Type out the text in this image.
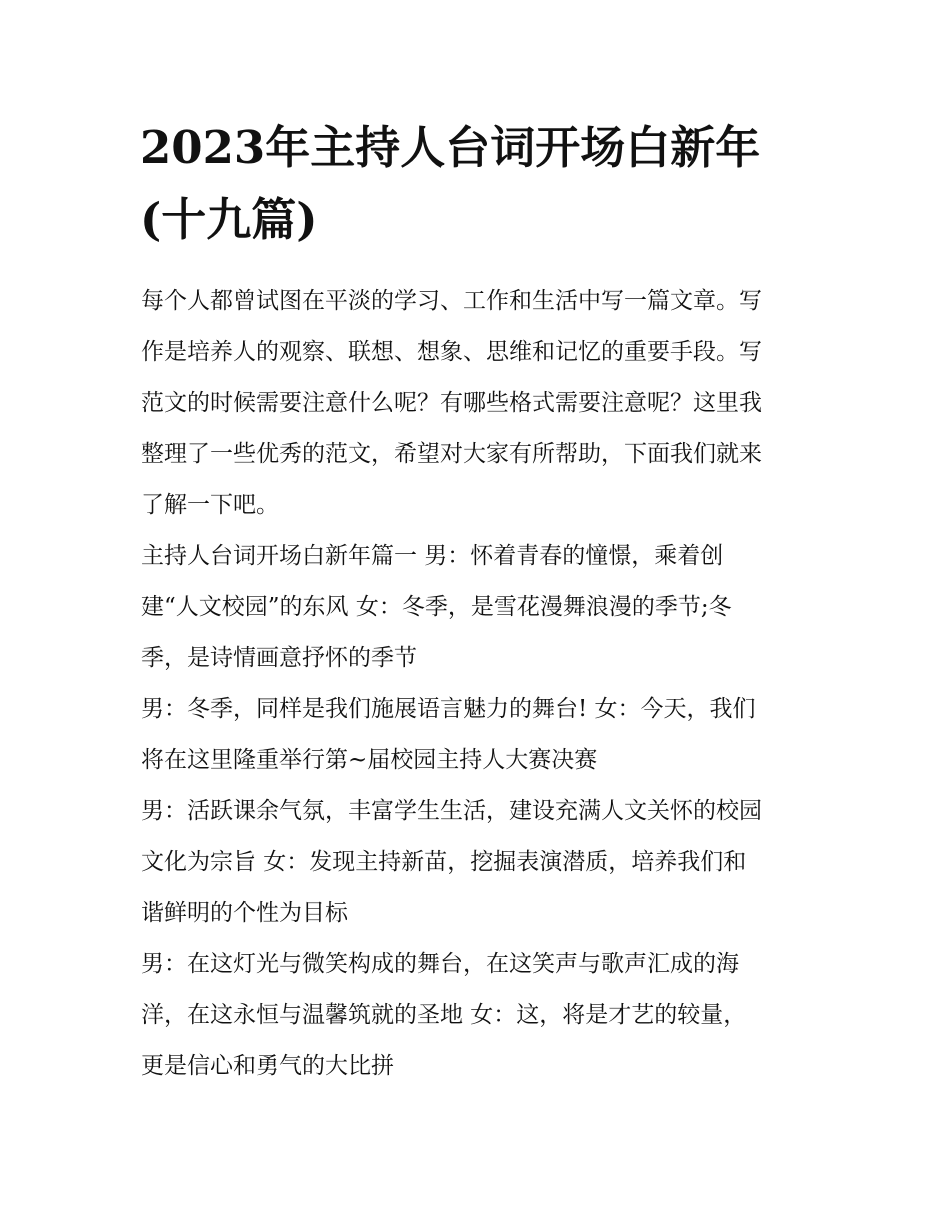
2023年主持人台词开场白新年
(十九篇)
每个人都曾试图在平淡的学习、工作和生活中写一篇文章。写
作是培养人的观察、联想、想象、思维和记忆的重要手段。写
范文的时候需要注意什么呢？有哪些格式需要注意呢？这里我
整理了一些优秀的范文，希望对大家有所帮助，下面我们就来
了解一下吧。
主持人台词开场白新年篇一 男：怀着青春的憧憬，乘着创
建“人文校园”的东风 女：冬季，是雪花漫舞浪漫的季节;冬
季，是诗情画意抒怀的季节
男：冬季，同样是我们施展语言魅力的舞台! 女：今天，我们
将在这里隆重举行第~届校园主持人大赛决赛
男：活跃课余气氛，丰富学生生活，建设充满人文关怀的校园
文化为宗旨 女：发现主持新苗，挖掘表演潜质，培养我们和
谐鲜明的个性为目标
男：在这灯光与微笑构成的舞台，在这笑声与歌声汇成的海
洋，在这永恒与温馨筑就的圣地 女：这，将是才艺的较量，
更是信心和勇气的大比拼
